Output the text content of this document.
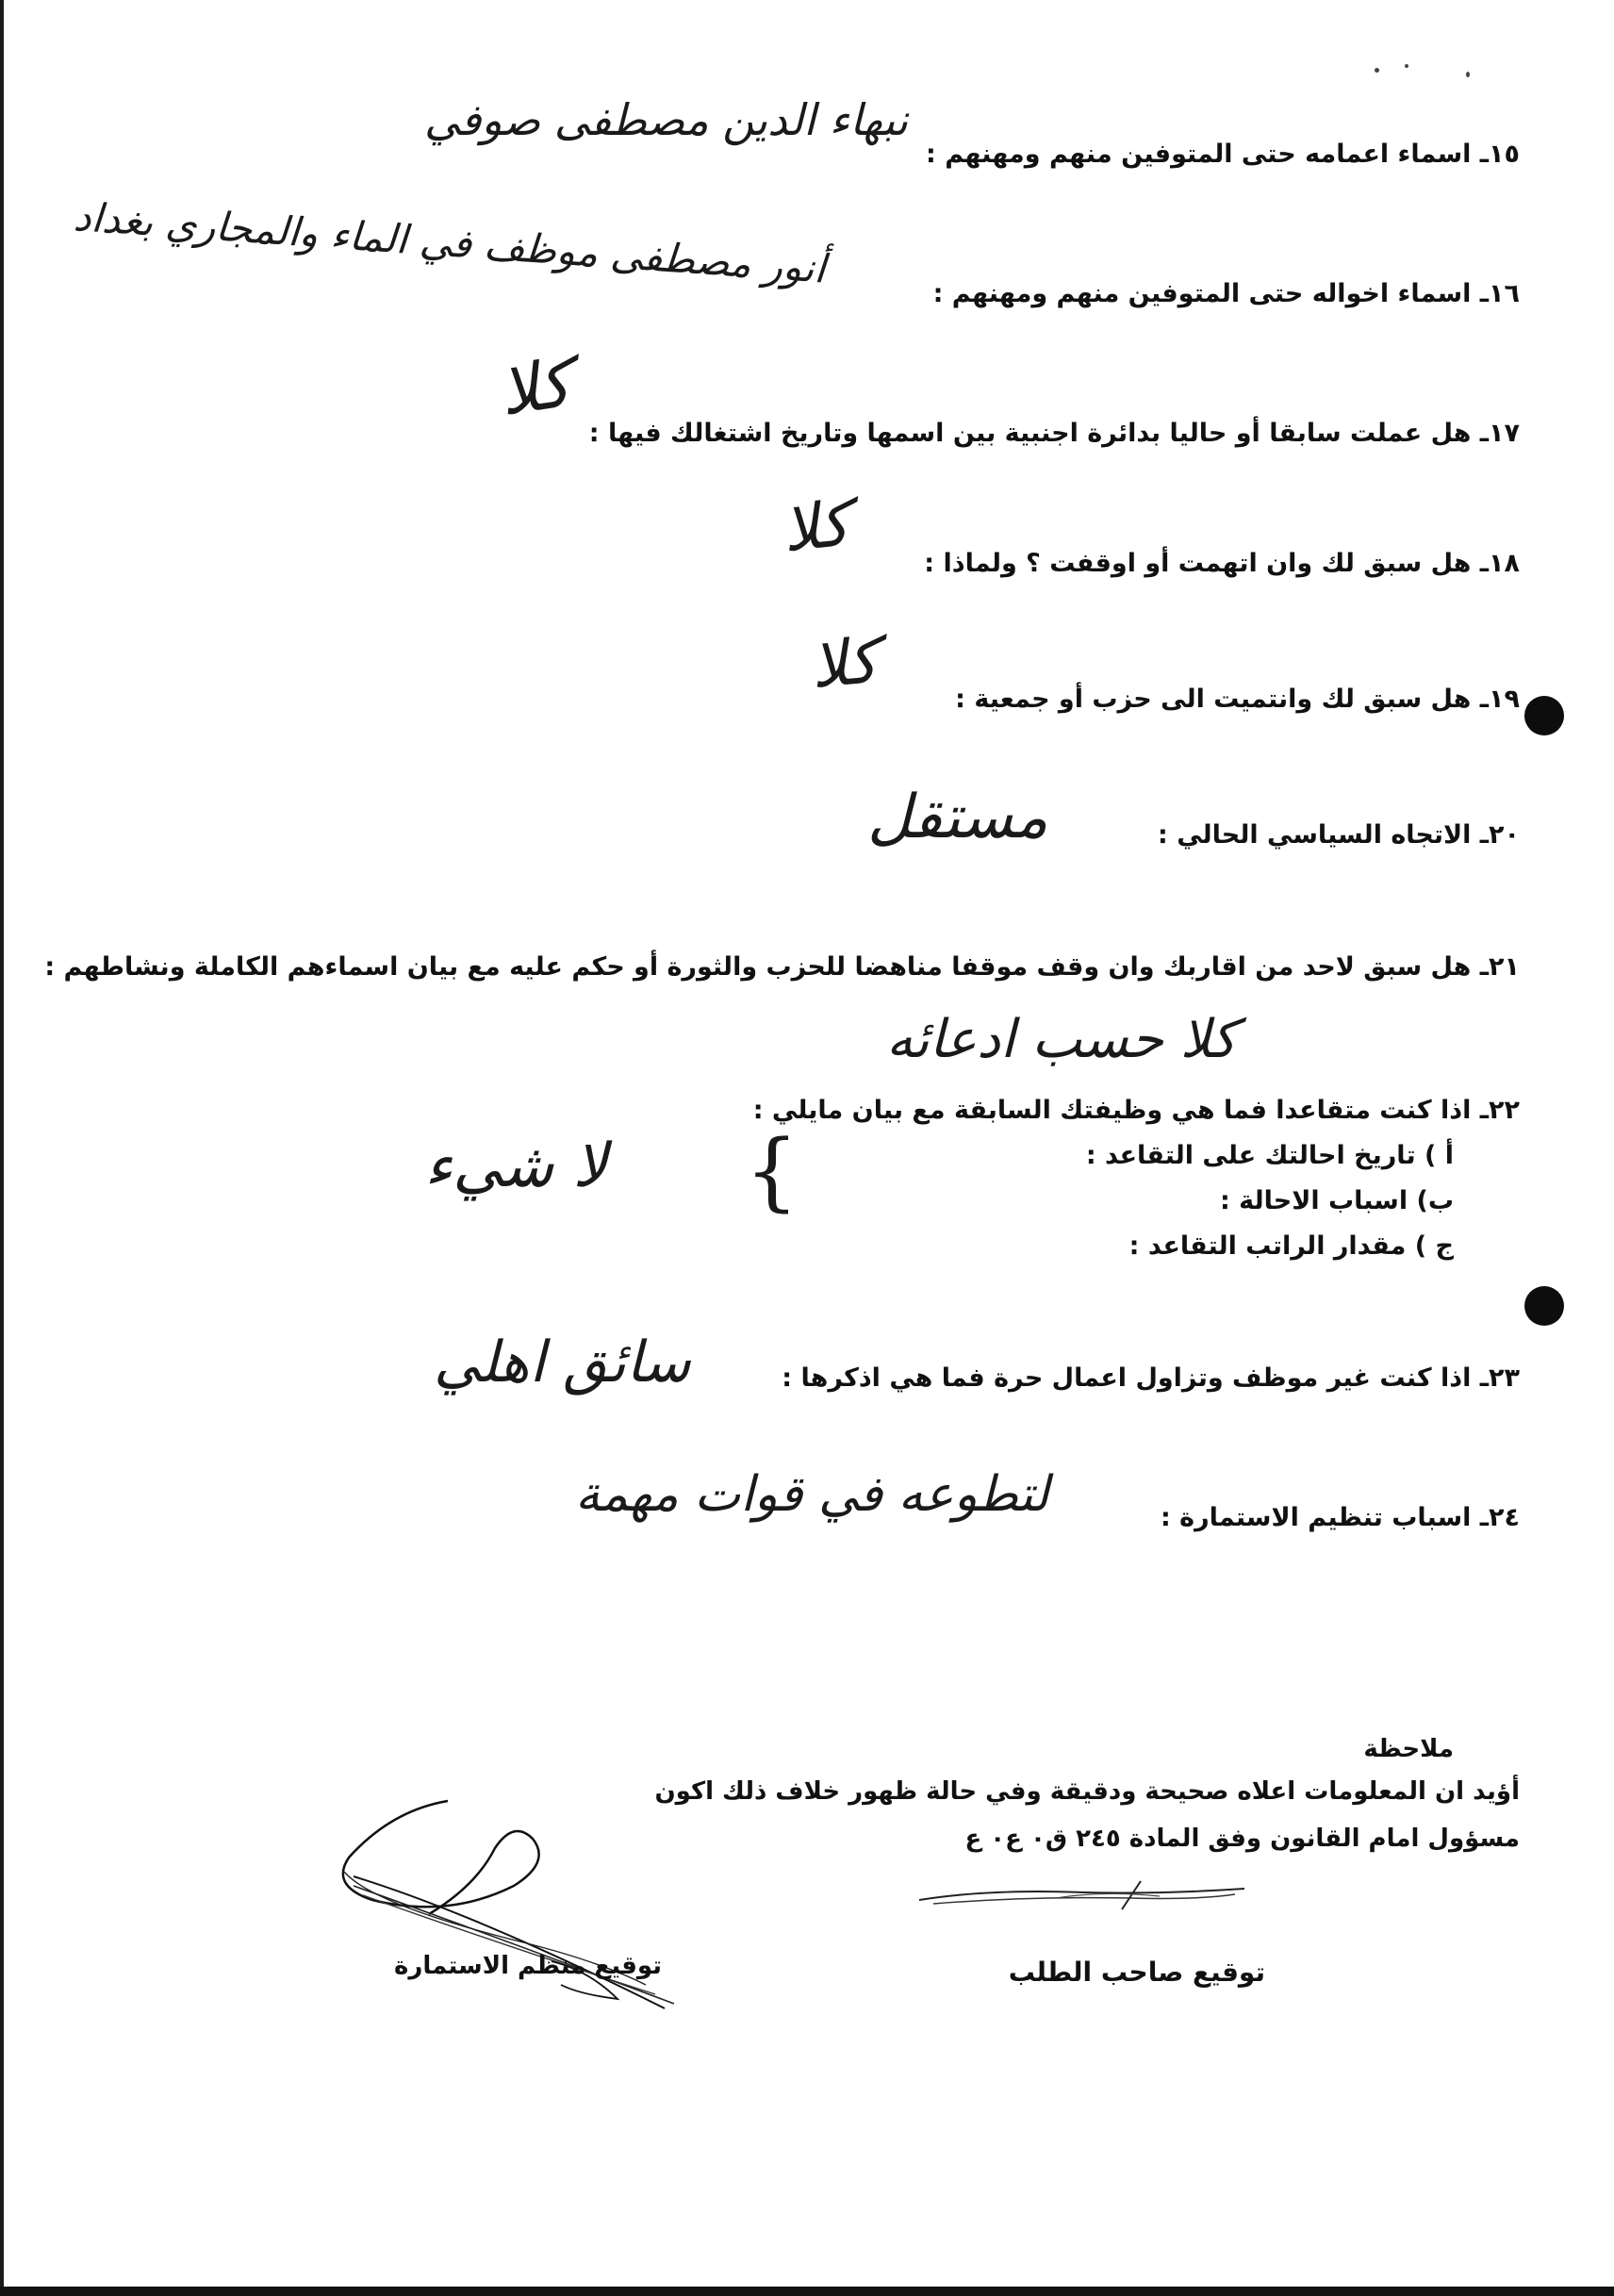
١٥ـ اسماء اعمامه حتى المتوفين منهم ومهنهم :
نبهاء الدين مصطفى صوفي
١٦ـ اسماء اخواله حتى المتوفين منهم ومهنهم :
أنور مصطفى موظف في الماء والمجاري بغداد
١٧ـ هل عملت سابقا أو حاليا بدائرة اجنبية بين اسمها وتاريخ اشتغالك فيها :
كلا
١٨ـ هل سبق لك وان اتهمت أو اوقفت ؟ ولماذا :
كلا
١٩ـ هل سبق لك وانتميت الى حزب أو جمعية :
كلا
٢٠ـ الاتجاه السياسي الحالي :
مستقل
٢١ـ هل سبق لاحد من اقاربك وان وقف موقفا مناهضا للحزب والثورة أو حكم عليه مع بيان اسماءهم الكاملة ونشاطهم :
كلا حسب ادعائه
٢٢ـ اذا كنت متقاعدا فما هي وظيفتك السابقة مع بيان مايلي :
أ ) تاريخ احالتك على التقاعد :
ب) اسباب الاحالة :
ج ) مقدار الراتب التقاعد :
لا شيء }
٢٣ـ اذا كنت غير موظف وتزاول اعمال حرة فما هي اذكرها :
سائق اهلي
٢٤ـ اسباب تنظيم الاستمارة :
لتطوعه في قوات مهمة
ملاحظة
أؤيد ان المعلومات اعلاه صحيحة ودقيقة وفي حالة ظهور خلاف ذلك اكون
مسؤول امام القانون وفق المادة ٢٤٥ ق٠ ع٠ ع
توقيع صاحب الطلب
توقيع منظم الاستمارة
